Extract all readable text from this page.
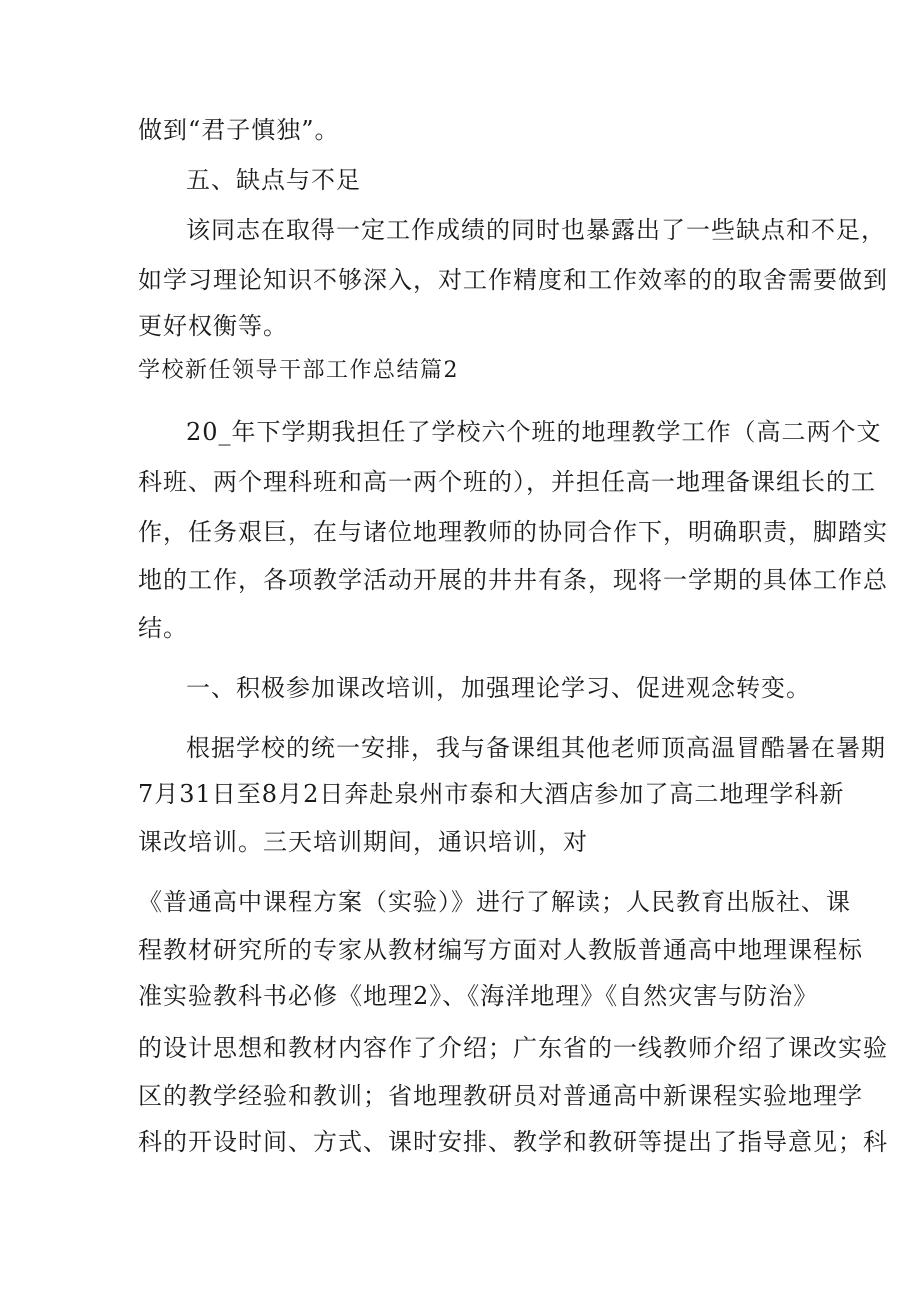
做到“君子慎独”。
五、缺点与不足
该同志在取得一定工作成绩的同时也暴露出了一些缺点和不足，
如学习理论知识不够深入，对工作精度和工作效率的的取舍需要做到
更好权衡等。
学校新任领导干部工作总结篇2
20_年下学期我担任了学校六个班的地理教学工作（高二两个文
科班、两个理科班和高一两个班的），并担任高一地理备课组长的工
作，任务艰巨，在与诸位地理教师的协同合作下，明确职责，脚踏实
地的工作，各项教学活动开展的井井有条，现将一学期的具体工作总
结。
一、积极参加课改培训，加强理论学习、促进观念转变。
根据学校的统一安排，我与备课组其他老师顶高温冒酷暑在暑期
7月31日至8月2日奔赴泉州市泰和大酒店参加了高二地理学科新
课改培训。三天培训期间，通识培训，对
《普通高中课程方案（实验）》进行了解读；人民教育出版社、课
程教材研究所的专家从教材编写方面对人教版普通高中地理课程标
准实验教科书必修《地理2》、《海洋地理》《自然灾害与防治》
的设计思想和教材内容作了介绍；广东省的一线教师介绍了课改实验
区的教学经验和教训；省地理教研员对普通高中新课程实验地理学
科的开设时间、方式、课时安排、教学和教研等提出了指导意见；科
